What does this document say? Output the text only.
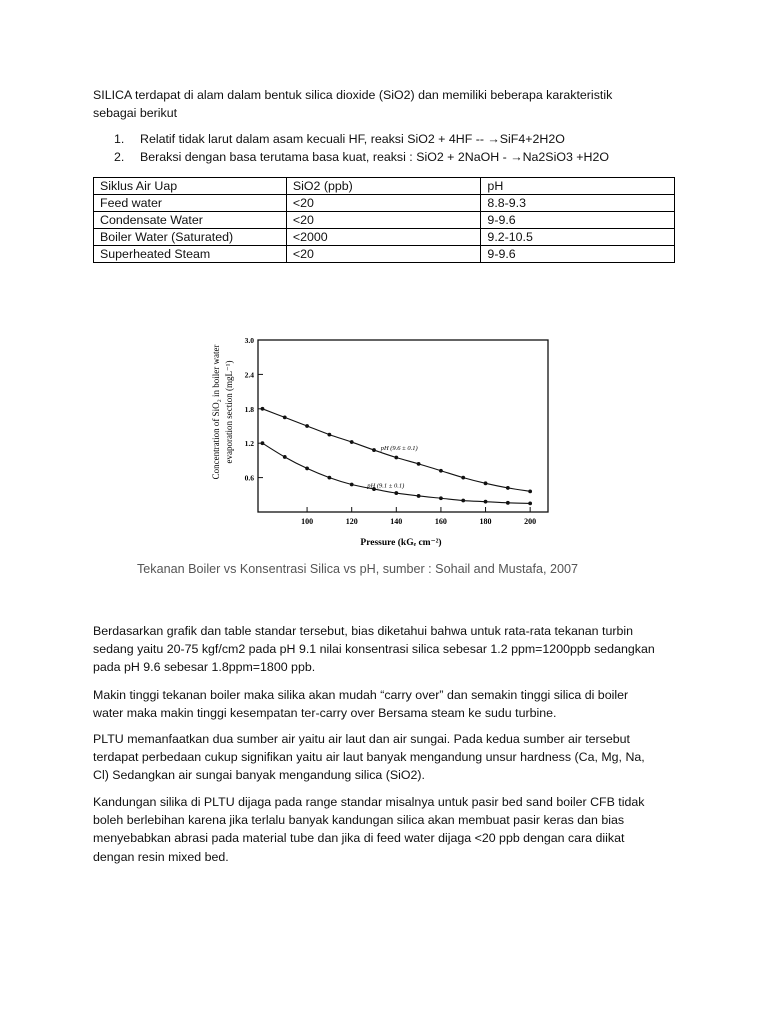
SILICA terdapat di alam dalam bentuk silica dioxide (SiO2) dan memiliki beberapa karakteristik
sebagai berikut

1. Relatif tidak larut dalam asam kecuali HF, reaksi SiO2 + 4HF -- →SiF4+2H2O
2. Beraksi dengan basa terutama basa kuat, reaksi : SiO2 + 2NaOH - →Na2SiO3 +H2O
Siklus Air Uap	SiO2 (ppb)	pH
Feed water	<20	8.8-9.3
Condensate Water	<20	9-9.6
Boiler Water (Saturated)	<2000	9.2-10.5
Superheated Steam	<20	9-9.6
Concentration of SiO₂ in boiler water evaporation section (mgL⁻¹)
Pressure (kGₑ cm⁻²)
0.6
1.2
1.8
2.4
3.0
100	120	140	160	180	200
pH (9.6 ± 0.1)
pH (9.1 ± 0.1)
Tekanan Boiler vs Konsentrasi Silica vs pH, sumber : Sohail and Mustafa, 2007

Berdasarkan grafik dan table standar tersebut, bias diketahui bahwa untuk rata-rata tekanan turbin
sedang yaitu 20-75 kgf/cm2 pada pH 9.1 nilai konsentrasi silica sebesar 1.2 ppm=1200ppb sedangkan
pada pH 9.6 sebesar 1.8ppm=1800 ppb.

Makin tinggi tekanan boiler maka silika akan mudah “carry over” dan semakin tinggi silica di boiler
water maka makin tinggi kesempatan ter-carry over Bersama steam ke sudu turbine.

PLTU memanfaatkan dua sumber air yaitu air laut dan air sungai. Pada kedua sumber air tersebut
terdapat perbedaan cukup signifikan yaitu air laut banyak mengandung unsur hardness (Ca, Mg, Na,
Cl) Sedangkan air sungai banyak mengandung silica (SiO2).

Kandungan silika di PLTU dijaga pada range standar misalnya untuk pasir bed sand boiler CFB tidak
boleh berlebihan karena jika terlalu banyak kandungan silica akan membuat pasir keras dan bias
menyebabkan abrasi pada material tube dan jika di feed water dijaga <20 ppb dengan cara diikat
dengan resin mixed bed.
